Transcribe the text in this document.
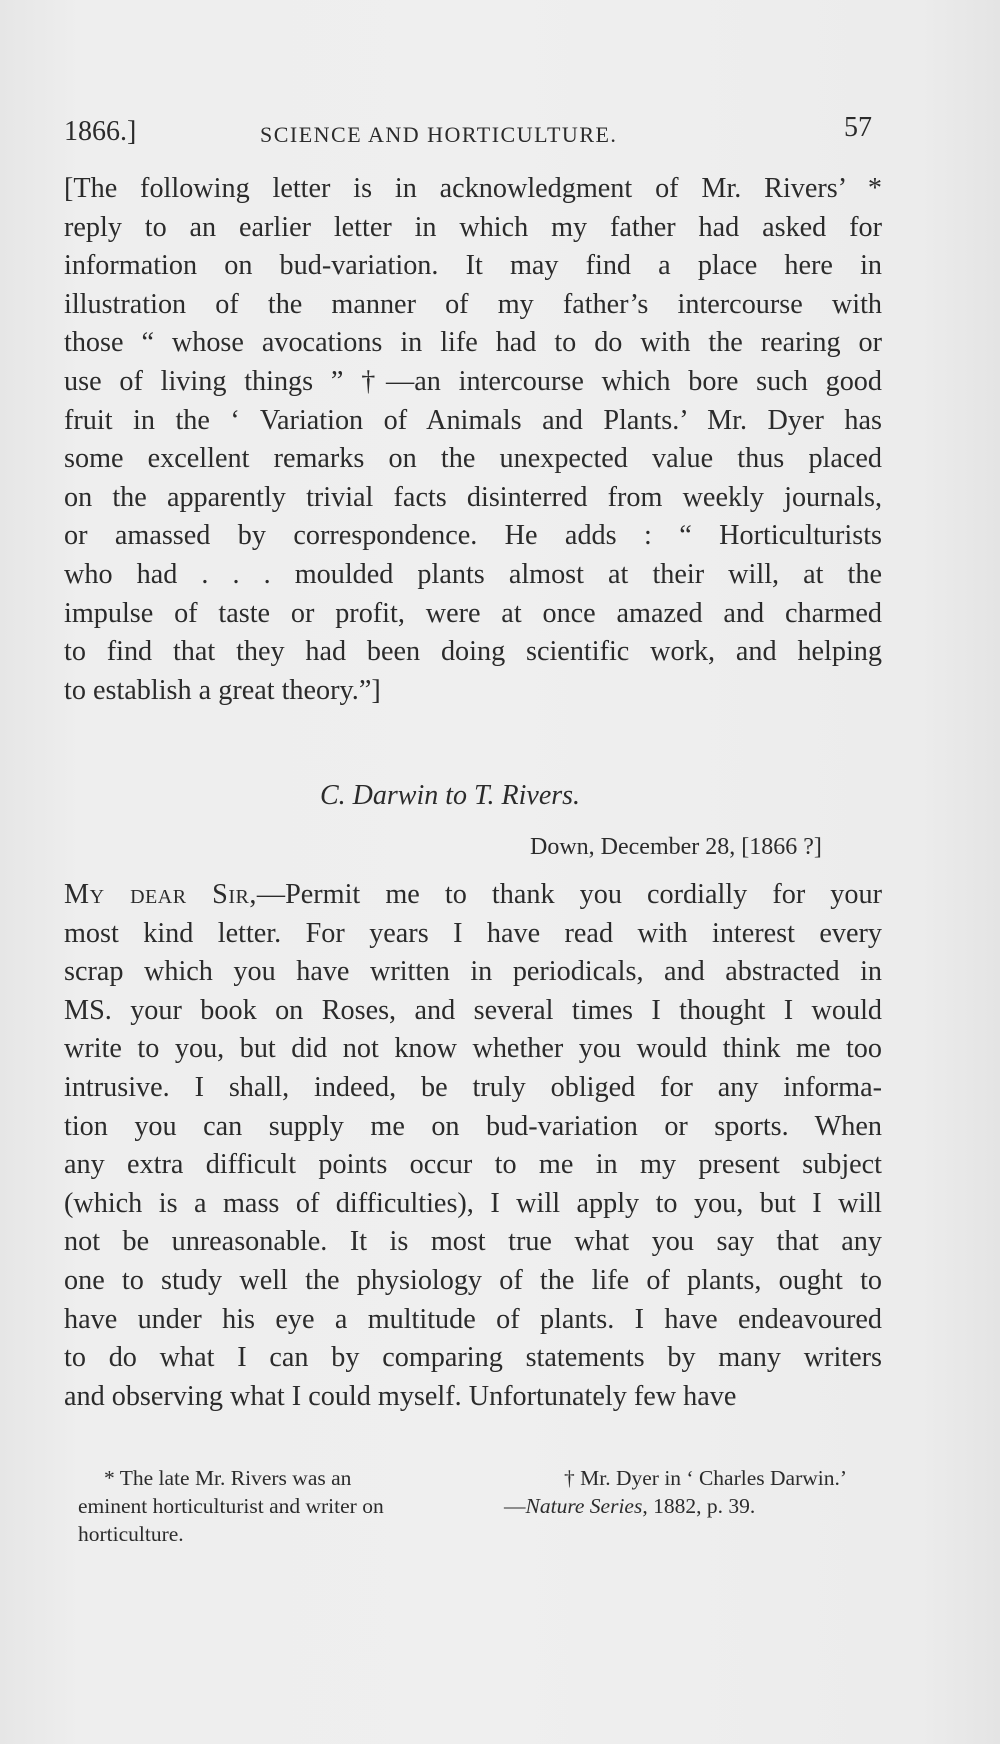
1866.]	SCIENCE AND HORTICULTURE.	57
[The following letter is in acknowledgment of Mr. Rivers’ *
reply to an earlier letter in which my father had asked for
information on bud-variation. It may find a place here in
illustration of the manner of my father’s intercourse with
those “ whose avocations in life had to do with the rearing or
use of living things ” †—an intercourse which bore such good
fruit in the ‘ Variation of Animals and Plants.’ Mr. Dyer has
some excellent remarks on the unexpected value thus placed
on the apparently trivial facts disinterred from weekly journals,
or amassed by correspondence. He adds : “ Horticulturists
who had . . . moulded plants almost at their will, at the
impulse of taste or profit, were at once amazed and charmed
to find that they had been doing scientific work, and helping
to establish a great theory.”]
C. Darwin to T. Rivers.
Down, December 28, [1866 ?]
My dear Sir,—Permit me to thank you cordially for your
most kind letter. For years I have read with interest every
scrap which you have written in periodicals, and abstracted in
MS. your book on Roses, and several times I thought I would
write to you, but did not know whether you would think me too
intrusive. I shall, indeed, be truly obliged for any informa-
tion you can supply me on bud-variation or sports. When
any extra difficult points occur to me in my present subject
(which is a mass of difficulties), I will apply to you, but I will
not be unreasonable. It is most true what you say that any
one to study well the physiology of the life of plants, ought to
have under his eye a multitude of plants. I have endeavoured
to do what I can by comparing statements by many writers
and observing what I could myself. Unfortunately few have
* The late Mr. Rivers was an
eminent horticulturist and writer on
horticulture.
† Mr. Dyer in ‘ Charles Darwin.’
—Nature Series, 1882, p. 39.
